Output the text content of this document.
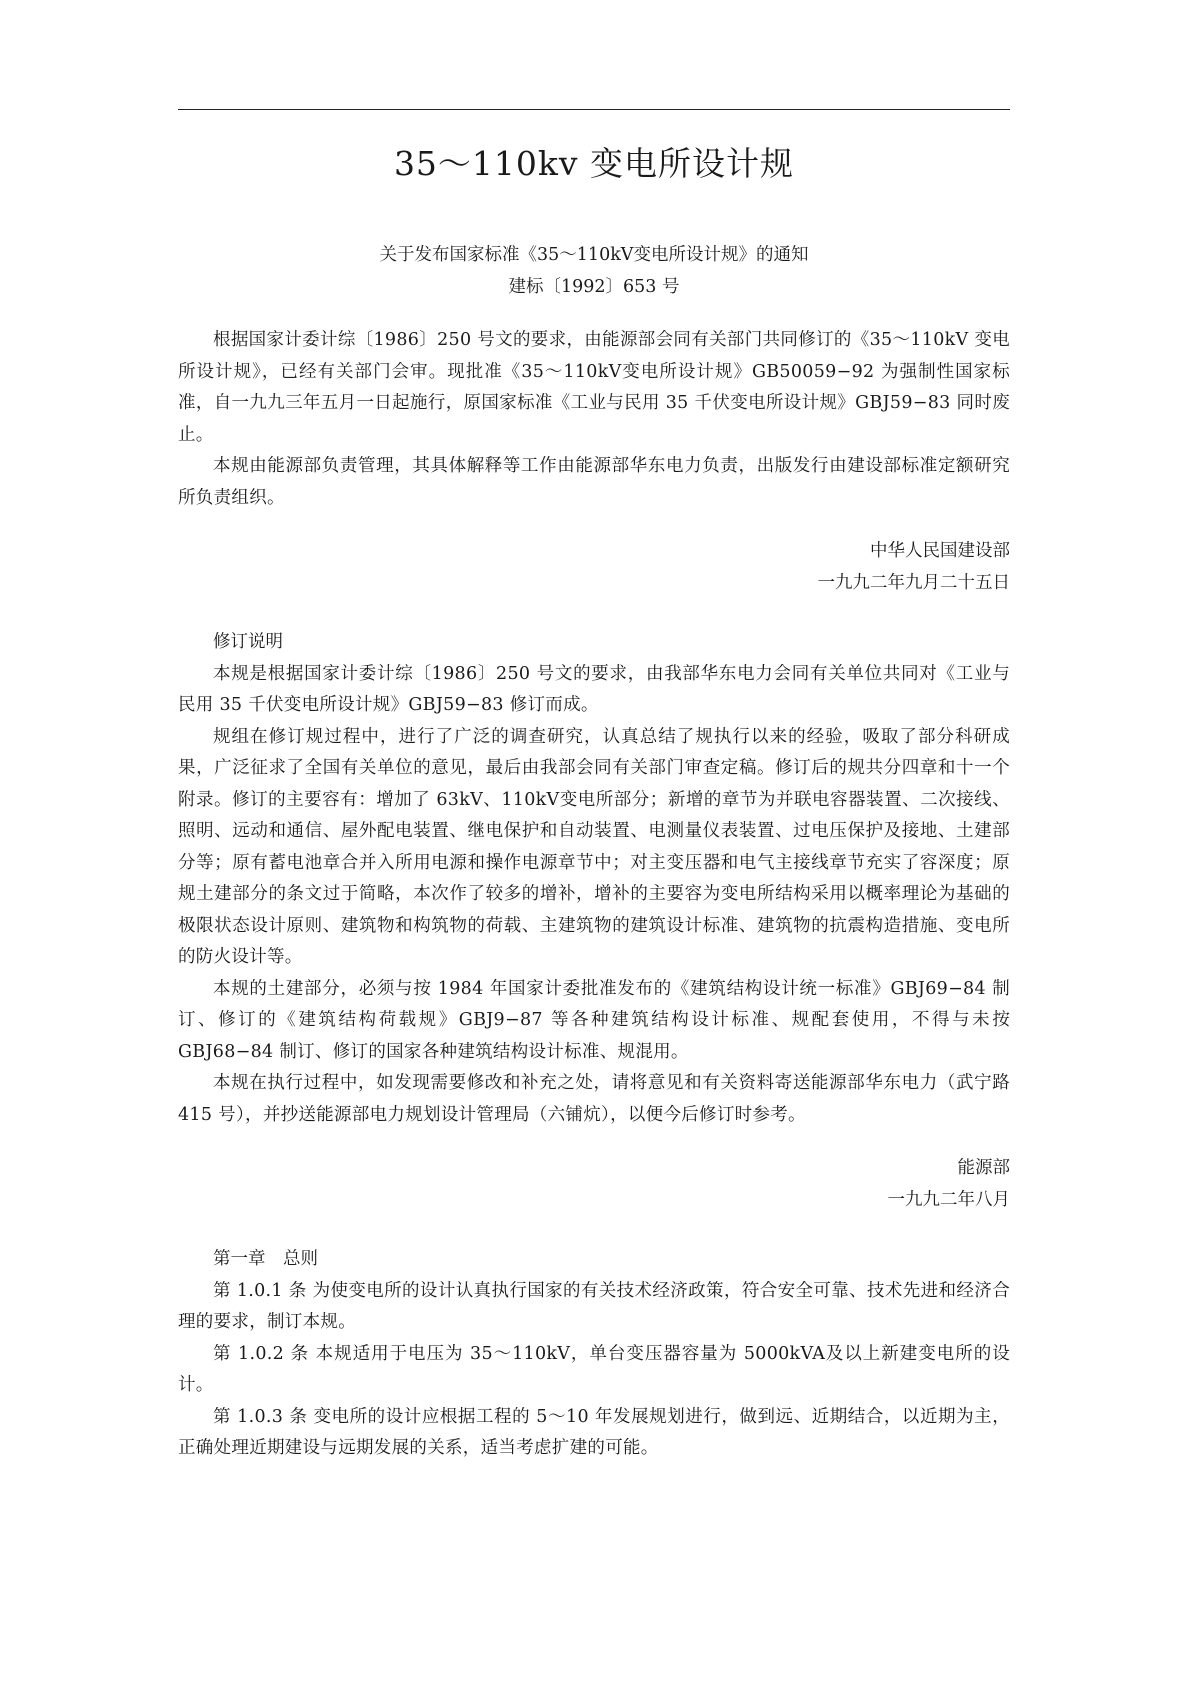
35～110kv 变电所设计规

关于发布国家标准《35～110kV变电所设计规》的通知

建标〔1992〕653 号

根据国家计委计综〔1986〕250 号文的要求，由能源部会同有关部门共同修订的《35～110kV 变电所设计规》，已经有关部门会审。现批准《35～110kV变电所设计规》GB50059−92 为强制性国家标准，自一九九三年五月一日起施行，原国家标准《工业与民用 35 千伏变电所设计规》GBJ59−83 同时废止。

本规由能源部负责管理，其具体解释等工作由能源部华东电力负责，出版发行由建设部标准定额研究所负责组织。

中华人民国建设部

一九九二年九月二十五日

修订说明

本规是根据国家计委计综〔1986〕250 号文的要求，由我部华东电力会同有关单位共同对《工业与民用 35 千伏变电所设计规》GBJ59−83 修订而成。

规组在修订规过程中，进行了广泛的调查研究，认真总结了规执行以来的经验，吸取了部分科研成果，广泛征求了全国有关单位的意见，最后由我部会同有关部门审查定稿。修订后的规共分四章和十一个附录。修订的主要容有：增加了 63kV、110kV变电所部分；新增的章节为并联电容器装置、二次接线、照明、远动和通信、屋外配电装置、继电保护和自动装置、电测量仪表装置、过电压保护及接地、土建部分等；原有蓄电池章合并入所用电源和操作电源章节中；对主变压器和电气主接线章节充实了容深度；原规土建部分的条文过于简略，本次作了较多的增补，增补的主要容为变电所结构采用以概率理论为基础的极限状态设计原则、建筑物和构筑物的荷载、主建筑物的建筑设计标准、建筑物的抗震构造措施、变电所的防火设计等。

本规的土建部分，必须与按 1984 年国家计委批准发布的《建筑结构设计统一标准》GBJ69−84 制订、修订的《建筑结构荷载规》GBJ9−87 等各种建筑结构设计标准、规配套使用，不得与未按 GBJ68−84 制订、修订的国家各种建筑结构设计标准、规混用。

本规在执行过程中，如发现需要修改和补充之处，请将意见和有关资料寄送能源部华东电力（武宁路 415 号），并抄送能源部电力规划设计管理局（六铺炕），以便今后修订时参考。

能源部

一九九二年八月

第一章　总则

第 1.0.1 条 为使变电所的设计认真执行国家的有关技术经济政策，符合安全可靠、技术先进和经济合理的要求，制订本规。

第 1.0.2 条 本规适用于电压为 35～110kV，单台变压器容量为 5000kVA及以上新建变电所的设计。

第 1.0.3 条 变电所的设计应根据工程的 5～10 年发展规划进行，做到远、近期结合，以近期为主，正确处理近期建设与远期发展的关系，适当考虑扩建的可能。
